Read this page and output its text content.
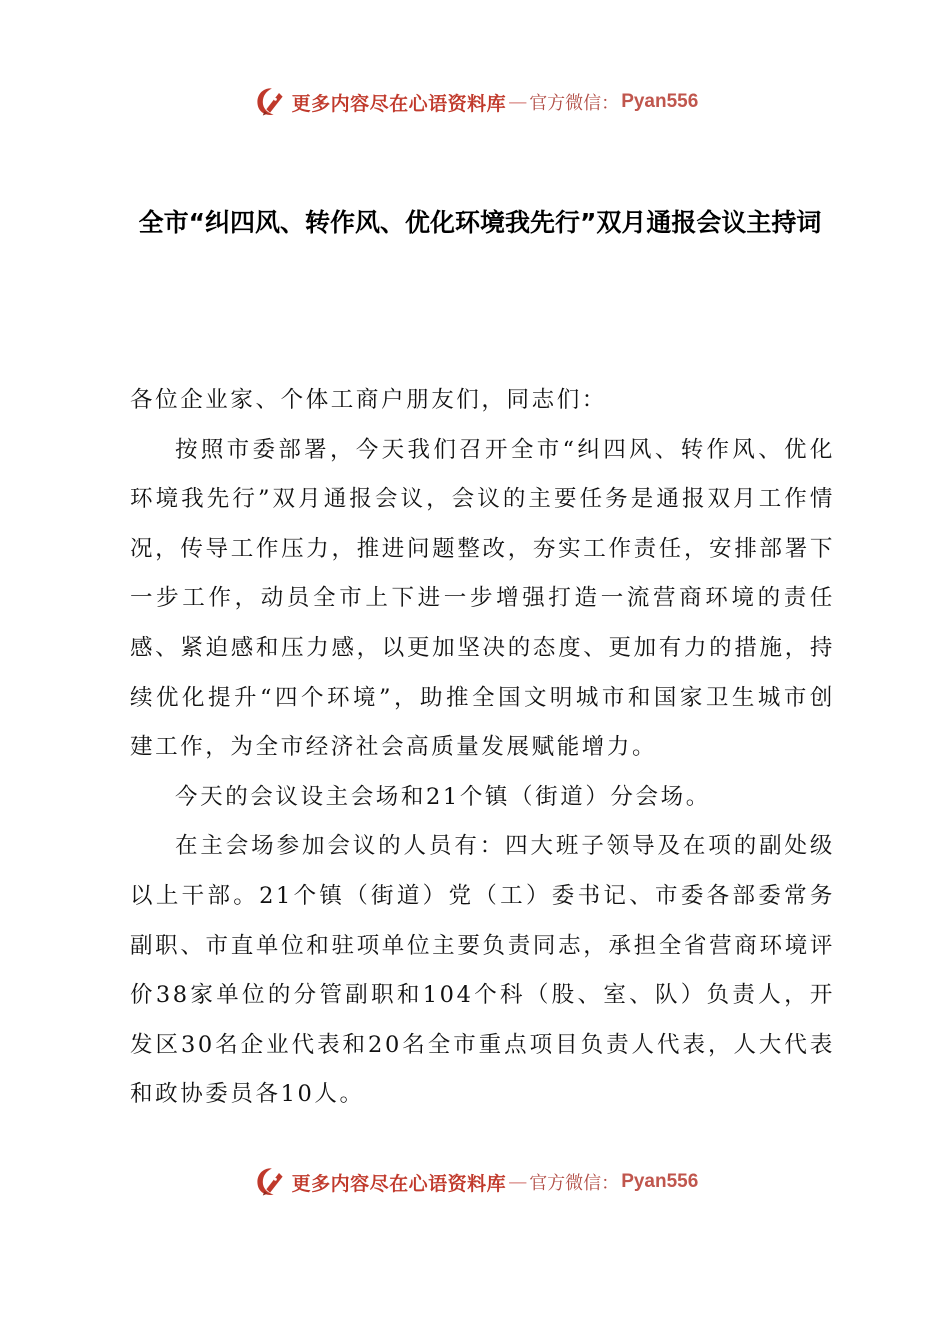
更多内容尽在心语资料库 — 官方微信： Pyan556
全市“纠四风、转作风、优化环境我先行”双月通报会议主持词

各位企业家、个体工商户朋友们，同志们：

按照市委部署，今天我们召开全市“纠四风、转作风、优化环境我先行”双月通报会议，会议的主要任务是通报双月工作情况，传导工作压力，推进问题整改，夯实工作责任，安排部署下一步工作，动员全市上下进一步增强打造一流营商环境的责任感、紧迫感和压力感，以更加坚决的态度、更加有力的措施，持续优化提升“四个环境”，助推全国文明城市和国家卫生城市创建工作，为全市经济社会高质量发展赋能增力。

今天的会议设主会场和21个镇（街道）分会场。

在主会场参加会议的人员有：四大班子领导及在项的副处级以上干部。21个镇（街道）党（工）委书记、市委各部委常务副职、市直单位和驻项单位主要负责同志，承担全省营商环境评价38家单位的分管副职和104个科（股、室、队）负责人，开发区30名企业代表和20名全市重点项目负责人代表，人大代表和政协委员各10人。

更多内容尽在心语资料库 — 官方微信： Pyan556
